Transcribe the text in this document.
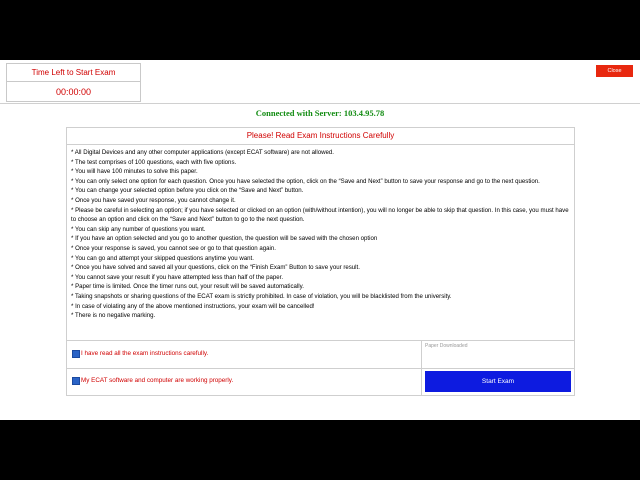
Time Left to Start Exam
00:00:00
Close
Connected with Server: 103.4.95.78
Please! Read Exam Instructions Carefully

* All Digital Devices and any other computer applications (except ECAT software) are not allowed.

* The test comprises of 100 questions, each with five options.

* You will have 100 minutes to solve this paper.

* You can only select one option for each question. Once you have selected the option, click on the “Save and Next” button to save your response and go to the next question.

* You can change your selected option before you click on the “Save and Next” button.

* Once you have saved your response, you cannot change it.

* Please be careful in selecting an option; if you have selected or clicked on an option (with/without intention), you will no longer be able to skip that question. In this case, you must have to choose an option and click on the “Save and Next” button to go to the next question.

* You can skip any number of questions you want.

* If you have an option selected and you go to another question, the question will be saved with the chosen option

* Once your response is saved, you cannot see or go to that question again.

* You can go and attempt your skipped questions anytime you want.

* Once you have solved and saved all your questions, click on the “Finish Exam” Button to save your result.

* You cannot save your result if you have attempted less than half of the paper.

* Paper time is limited. Once the timer runs out, your result will be saved automatically.

* Taking snapshots or sharing questions of the ECAT exam is strictly prohibited. In case of violation, you will be blacklisted from the university.

* In case of violating any of the above mentioned instructions, your exam will be cancelled!

* There is no negative marking.

I have read all the exam instructions carefully.
My ECAT software and computer are working properly.
Paper Downloaded
Start Exam
